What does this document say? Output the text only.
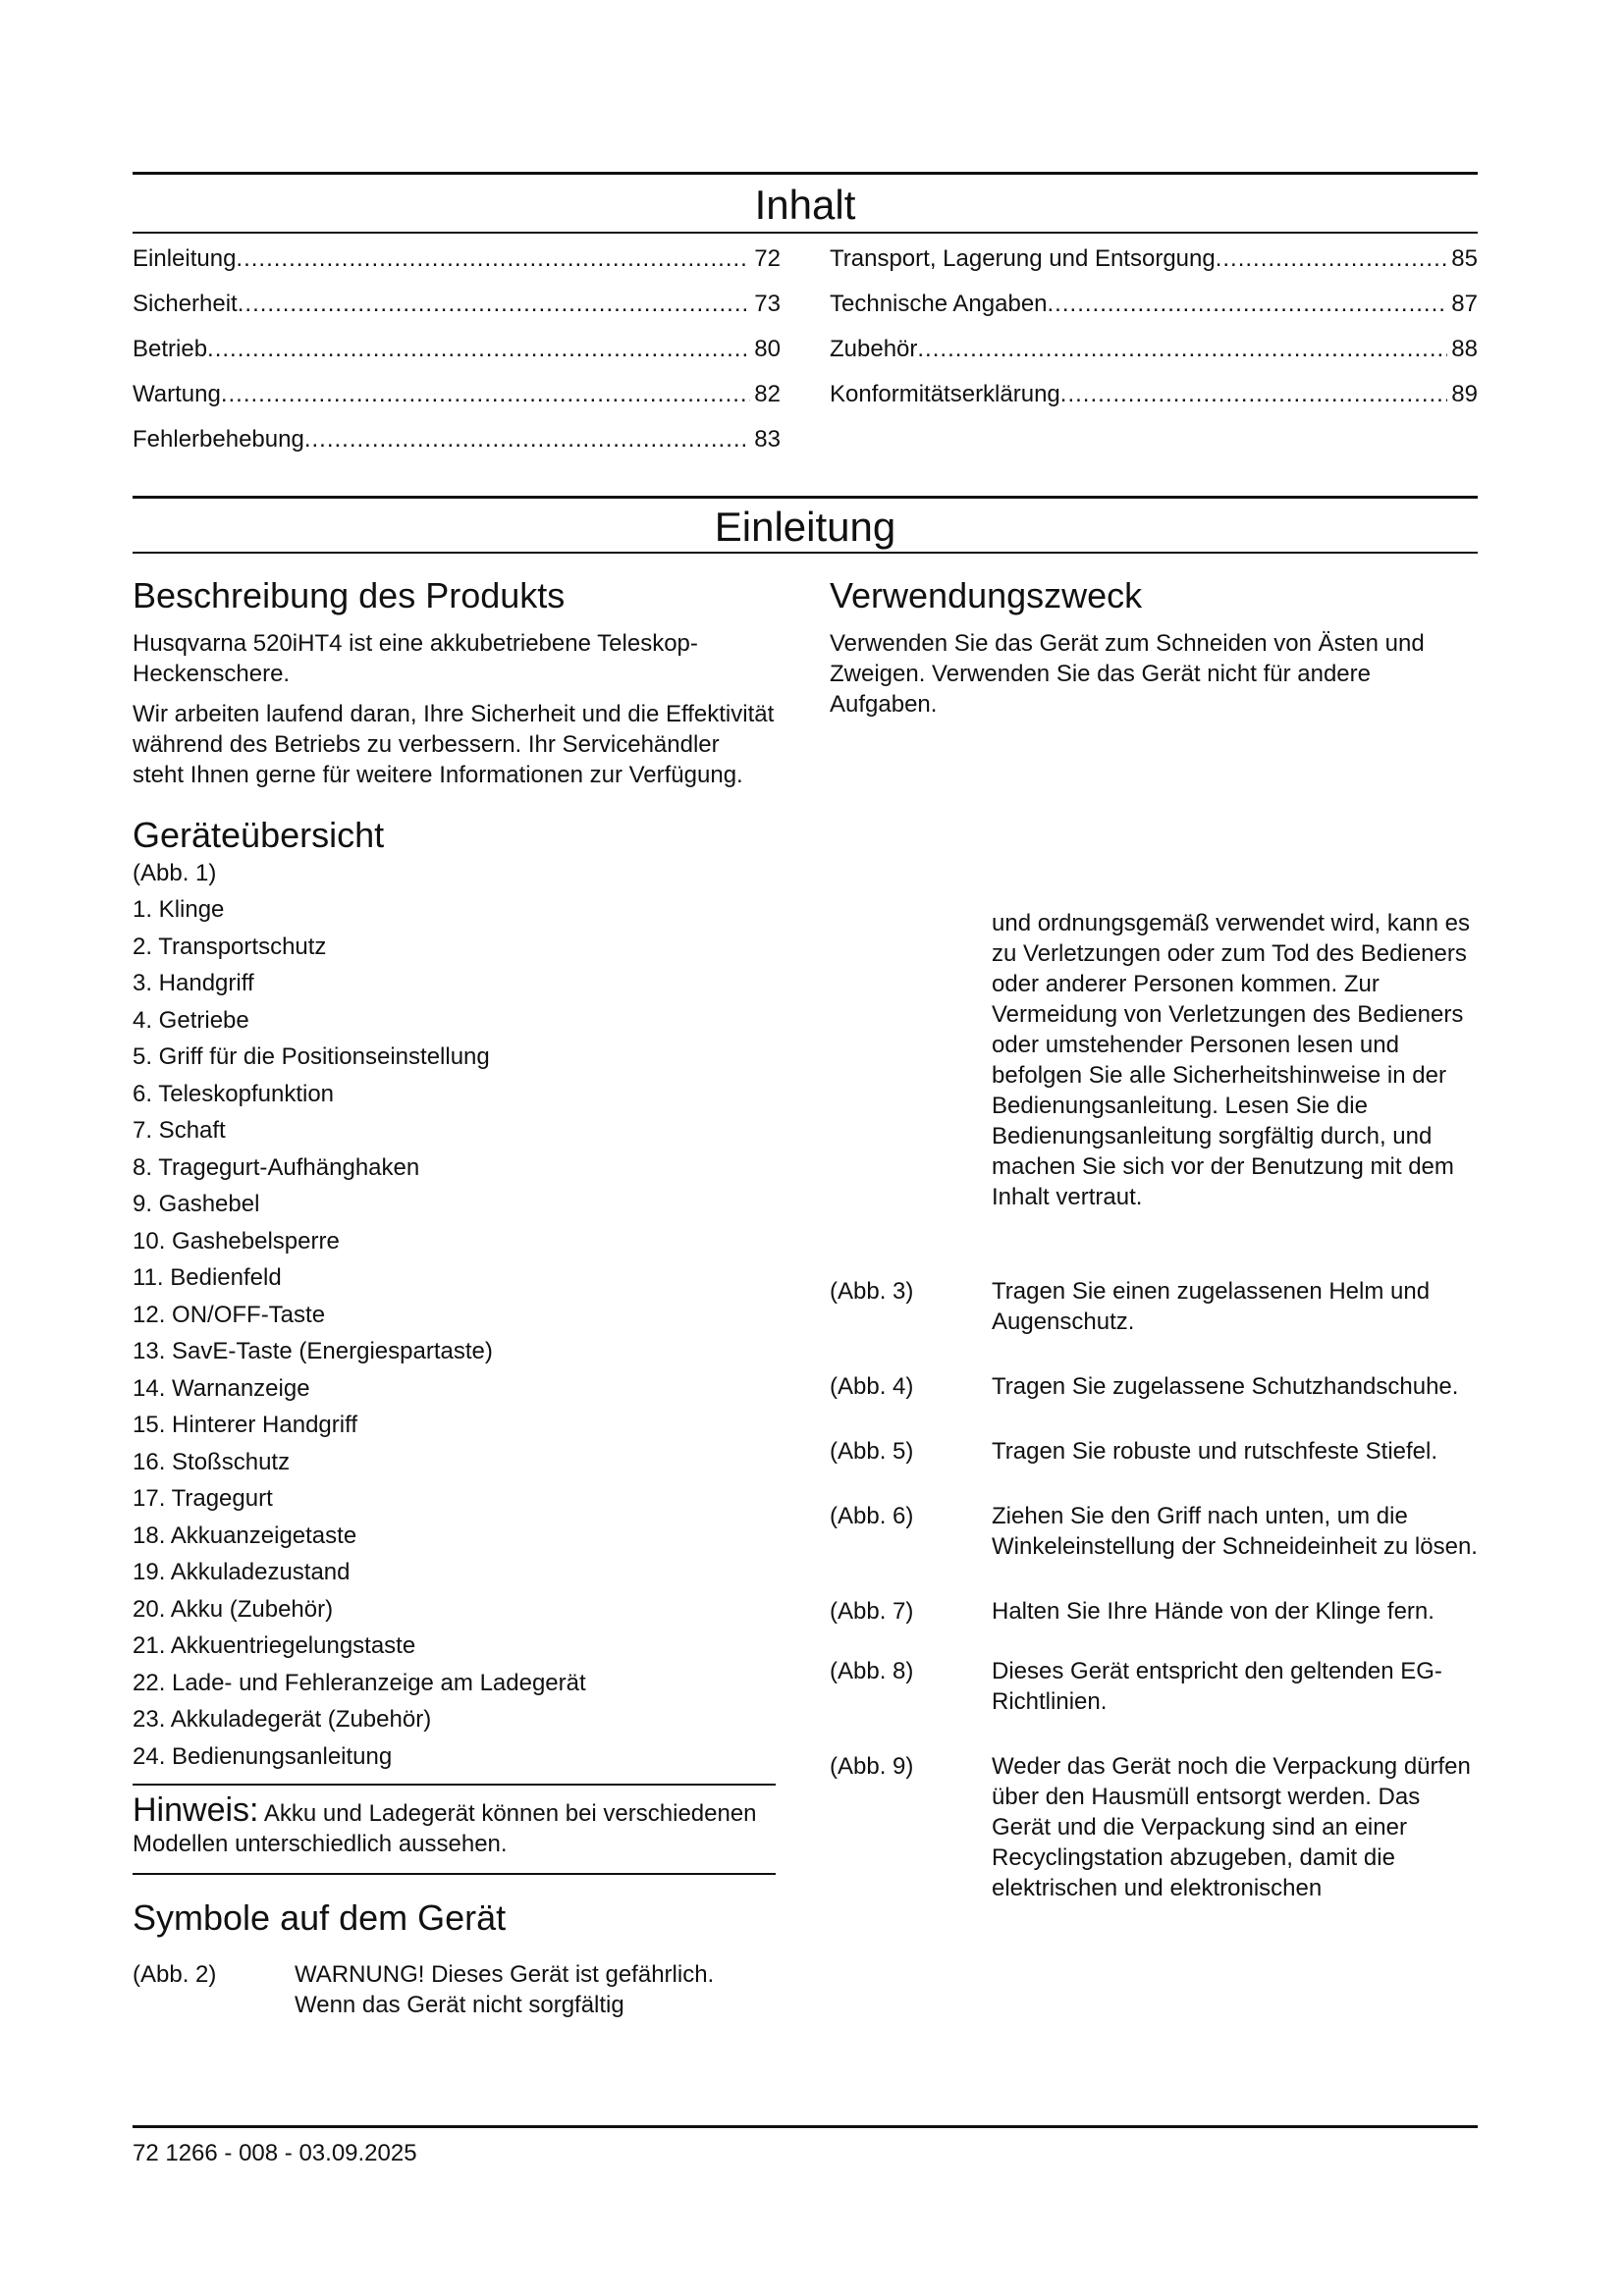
Inhalt
Einleitung .....	72
Sicherheit .....	73
Betrieb .....	80
Wartung .....	82
Fehlerbehebung .....	83
Transport, Lagerung und Entsorgung .....	85
Technische Angaben .....	87
Zubehör .....	88
Konformitätserklärung .....	89
Einleitung
Beschreibung des Produkts

Husqvarna 520iHT4 ist eine akkubetriebene Teleskop-Heckenschere.

Wir arbeiten laufend daran, Ihre Sicherheit und die Effektivität während des Betriebs zu verbessern. Ihr Servicehändler steht Ihnen gerne für weitere Informationen zur Verfügung.

Geräteübersicht

(Abb. 1)

1. Klinge
2. Transportschutz
3. Handgriff
4. Getriebe
5. Griff für die Positionseinstellung
6. Teleskopfunktion
7. Schaft
8. Tragegurt-Aufhänghaken
9. Gashebel
10. Gashebelsperre
11. Bedienfeld
12. ON/OFF-Taste
13. SavE-Taste (Energiespartaste)
14. Warnanzeige
15. Hinterer Handgriff
16. Stoßschutz
17. Tragegurt
18. Akkuanzeigetaste
19. Akkuladezustand
20. Akku (Zubehör)
21. Akkuentriegelungstaste
22. Lade- und Fehleranzeige am Ladegerät
23. Akkuladegerät (Zubehör)
24. Bedienungsanleitung
Hinweis: Akku und Ladegerät können bei verschiedenen Modellen unterschiedlich aussehen.
Symbole auf dem Gerät
(Abb. 2)	WARNUNG! Dieses Gerät ist gefährlich. Wenn das Gerät nicht sorgfältig
Verwendungszweck

Verwenden Sie das Gerät zum Schneiden von Ästen und Zweigen. Verwenden Sie das Gerät nicht für andere Aufgaben.

und ordnungsgemäß verwendet wird, kann es zu Verletzungen oder zum Tod des Bedieners oder anderer Personen kommen. Zur Vermeidung von Verletzungen des Bedieners oder umstehender Personen lesen und befolgen Sie alle Sicherheitshinweise in der Bedienungsanleitung. Lesen Sie die Bedienungsanleitung sorgfältig durch, und machen Sie sich vor der Benutzung mit dem Inhalt vertraut.
(Abb. 3)	Tragen Sie einen zugelassenen Helm und Augenschutz.
(Abb. 4)	Tragen Sie zugelassene Schutzhandschuhe.
(Abb. 5)	Tragen Sie robuste und rutschfeste Stiefel.
(Abb. 6)	Ziehen Sie den Griff nach unten, um die Winkeleinstellung der Schneideinheit zu lösen.
(Abb. 7)	Halten Sie Ihre Hände von der Klinge fern.
(Abb. 8)	Dieses Gerät entspricht den geltenden EG-Richtlinien.
(Abb. 9)	Weder das Gerät noch die Verpackung dürfen über den Hausmüll entsorgt werden. Das Gerät und die Verpackung sind an einer Recyclingstation abzugeben, damit die elektrischen und elektronischen
72 1266 - 008 - 03.09.2025
